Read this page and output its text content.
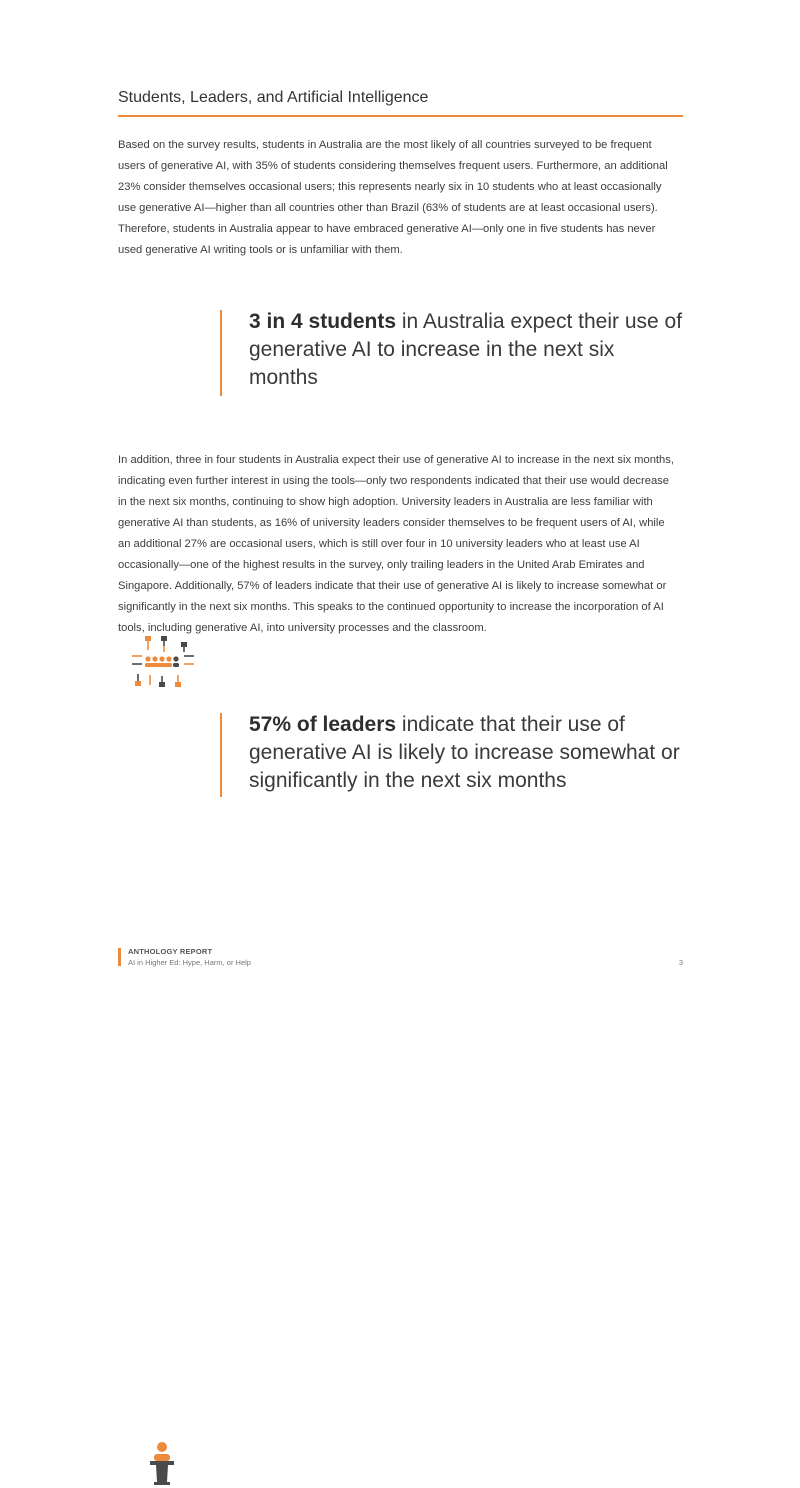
Students, Leaders, and Artificial Intelligence

Based on the survey results, students in Australia are the most likely of all countries surveyed to be frequent users of generative AI, with 35% of students considering themselves frequent users. Furthermore, an additional 23% consider themselves occasional users; this represents nearly six in 10 students who at least occasionally use generative AI—higher than all countries other than Brazil (63% of students are at least occasional users). Therefore, students in Australia appear to have embraced generative AI—only one in five students has never used generative AI writing tools or is unfamiliar with them.

3 in 4 students in Australia expect their use of generative AI to increase in the next six months

In addition, three in four students in Australia expect their use of generative AI to increase in the next six months, indicating even further interest in using the tools—only two respondents indicated that their use would decrease in the next six months, continuing to show high adoption. University leaders in Australia are less familiar with generative AI than students, as 16% of university leaders consider themselves to be frequent users of AI, while an additional 27% are occasional users, which is still over four in 10 university leaders who at least use AI occasionally—one of the highest results in the survey, only trailing leaders in the United Arab Emirates and Singapore. Additionally, 57% of leaders indicate that their use of generative AI is likely to increase somewhat or significantly in the next six months. This speaks to the continued opportunity to increase the incorporation of AI tools, including generative AI, into university processes and the classroom.

57% of leaders indicate that their use of generative AI is likely to increase somewhat or significantly in the next six months
ANTHOLOGY REPORT
AI in Higher Ed: Hype, Harm, or Help	3
